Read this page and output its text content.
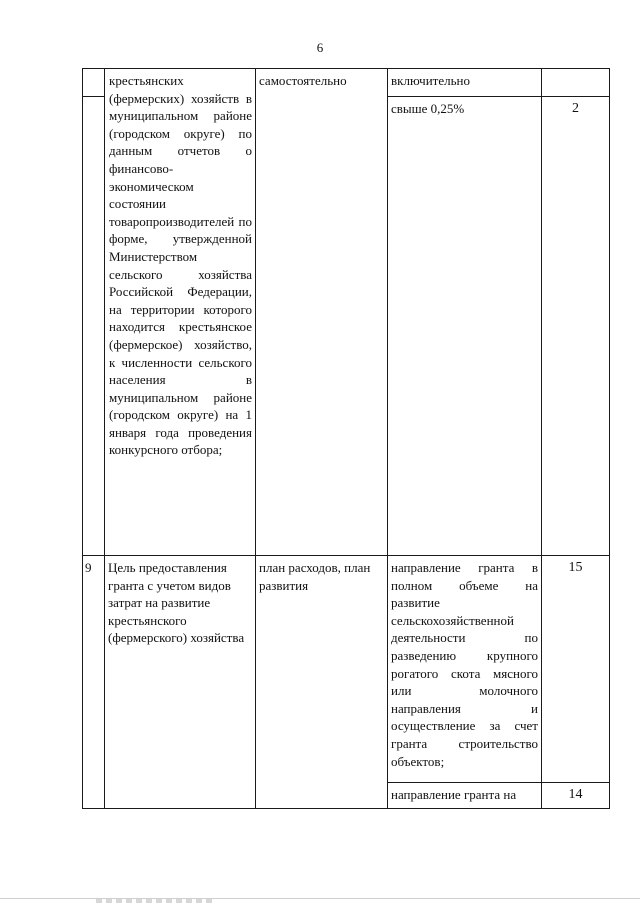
6

	крестьянских (фермерских) хозяйств в муниципальном районе (городском округе) по данным отчетов о финансово-экономическом состоянии товаропроизводителей по форме, утвержденной Министерством сельского хозяйства Российской Федерации, на территории которого находится крестьянское (фермерское) хозяйство, к численности сельского населения в муниципальном районе (городском округе) на 1 января года проведения конкурсного отбора;	самостоятельно	включительно	

			свыше 0,25%	2

9	Цель предоставления гранта с учетом видов затрат на развитие крестьянского (фермерского) хозяйства	план расходов, план развития	направление гранта в полном объеме на развитие сельскохозяйственной деятельности по разведению крупного рогатого скота мясного или молочного направления и осуществление за счет гранта строительство объектов;	15

			направление гранта на	14
